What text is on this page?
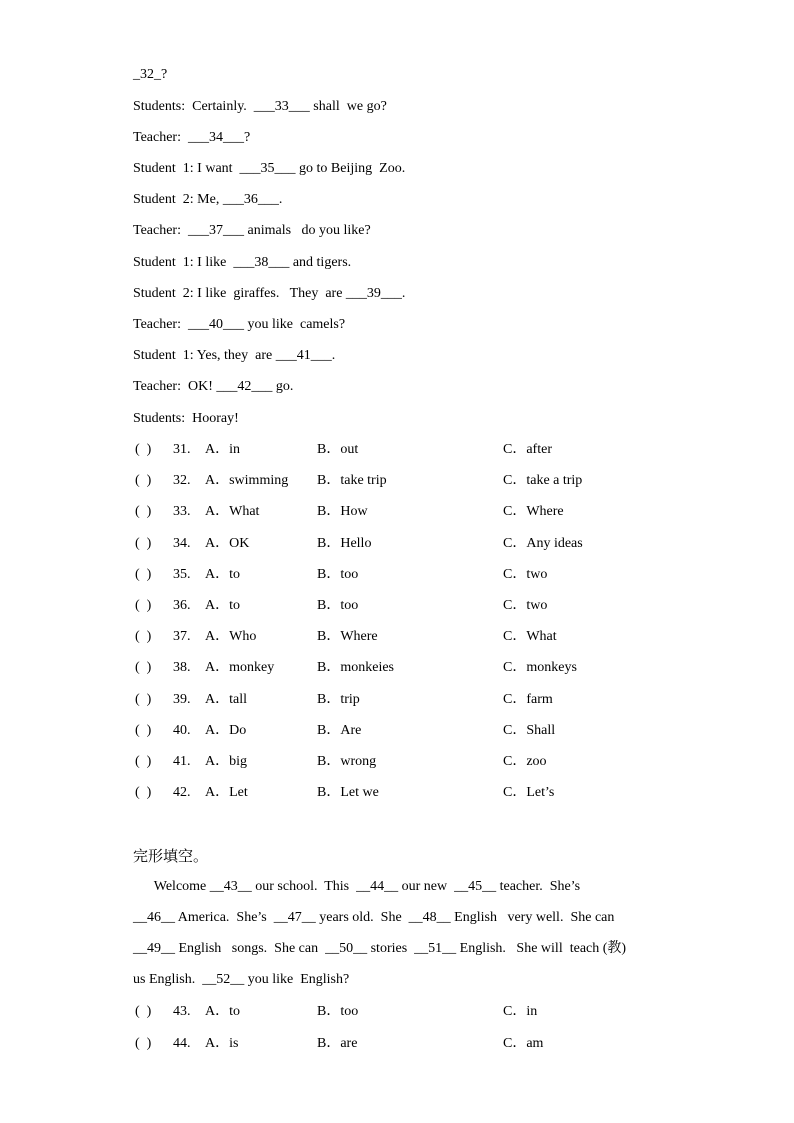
_32_?
Students:  Certainly.  ___33___ shall  we go?
Teacher:  ___34___?
Student  1: I want  ___35___ go to Beijing  Zoo.
Student  2: Me, ___36___.
Teacher:  ___37___ animals   do you like?
Student  1: I like  ___38___ and tigers.
Student  2: I like  giraffes.   They  are ___39___.
Teacher:  ___40___ you like  camels?
Student  1: Yes, they  are ___41___.
Teacher:  OK! ___42___ go.
Students:  Hooray!
(  ) 31. A．in	B．out	C．after
(  ) 32. A．swimming B．take trip	C．take a trip
(  ) 33. A．What	B．How	C．Where
(  ) 34. A．OK	B．Hello	C．Any ideas
(  ) 35. A．to	B．too	C．two
(  ) 36. A．to	B．too	C．two
(  ) 37. A．Who	B．Where	C．What
(  ) 38. A．monkey	B．monkeies	C．monkeys
(  ) 39. A．tall	B．trip	C．farm
(  ) 40. A．Do	B．Are	C．Shall
(  ) 41. A．big	B．wrong	C．zoo
(  ) 42. A．Let	B．Let we	C．Let’s
完形填空。
Welcome __43__ our school.  This  __44__ our new  __45__ teacher.  She’s
__46__ America.  She’s  __47__ years old.  She  __48__ English   very well.  She can
__49__ English   songs.  She can  __50__ stories  __51__ English.   She will  teach (教)
us English.  __52__ you like  English?
(  ) 43. A．to	B．too	C．in
(  ) 44. A．is	B．are	C．am
